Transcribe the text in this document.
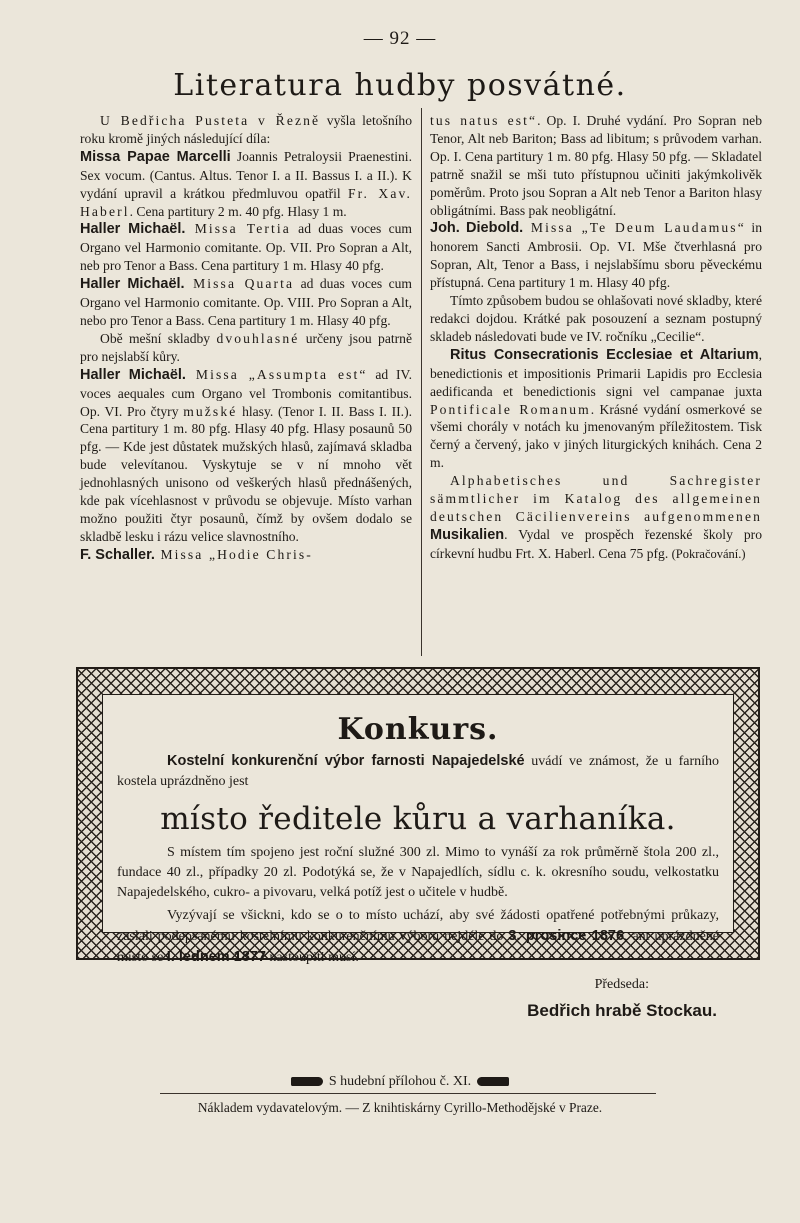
— 92 —
Literatura hudby posvátné.

U Bedřicha Pusteta v Řezně vyšla letošního roku kromě jiných následující díla:

Missa Papae Marcelli Joannis Petraloysii Praenestini. Sex vocum. (Cantus. Altus. Tenor I. a II. Bassus I. a II.). K vydání upravil a krátkou předmluvou opatřil Fr. Xav. Haberl. Cena partitury 2 m. 40 pfg. Hlasy 1 m.

Haller Michaël. Missa Tertia ad duas voces cum Organo vel Harmonio comitante. Op. VII. Pro Sopran a Alt, neb pro Tenor a Bass. Cena partitury 1 m. Hlasy 40 pfg.

Haller Michaël. Missa Quarta ad duas voces cum Organo vel Harmonio comitante. Op. VIII. Pro Sopran a Alt, nebo pro Tenor a Bass. Cena partitury 1 m. Hlasy 40 pfg.

Obě mešní skladby dvouhlasné určeny jsou patrně pro nejslabší kůry.

Haller Michaël. Missa „Assumpta est“ ad IV. voces aequales cum Organo vel Trombonis comitantibus. Op. VI. Pro čtyry mužské hlasy. (Tenor I. II. Bass I. II.). Cena partitury 1 m. 80 pfg. Hlasy 40 pfg. Hlasy posaunů 50 pfg. — Kde jest důstatek mužských hlasů, zajímavá skladba bude velevítanou. Vyskytuje se v ní mnoho vět jednohlasných unisono od veškerých hlasů přednášených, kde pak vícehlasnost v průvodu se objevuje. Místo varhan možno použiti čtyr posaunů, čímž by ovšem dodalo se skladbě lesku i rázu velice slavnostního.

F. Schaller. Missa „Hodie Chris-

tus natus est“. Op. I. Druhé vydání. Pro Sopran neb Tenor, Alt neb Bariton; Bass ad libitum; s průvodem varhan. Op. I. Cena partitury 1 m. 80 pfg. Hlasy 50 pfg. — Skladatel patrně snažil se mši tuto přístupnou učiniti jakýmkolivěk poměrům. Proto jsou Sopran a Alt neb Tenor a Bariton hlasy obligátními. Bass pak neobligátní.

Joh. Diebold. Missa „Te Deum Laudamus“ in honorem Sancti Ambrosii. Op. VI. Mše čtverhlasná pro Sopran, Alt, Tenor a Bass, i nejslabšímu sboru pěveckému přístupná. Cena partitury 1 m. Hlasy 40 pfg.

Tímto způsobem budou se ohlašovati nové skladby, které redakci dojdou. Krátké pak posouzení a seznam postupný skladeb následovati bude ve IV. ročníku „Cecilie“.

Ritus Consecrationis Ecclesiae et Altarium, benedictionis et impositionis Primarii Lapidis pro Ecclesia aedificanda et benedictionis signi vel campanae juxta Pontificale Romanum. Krásné vydání osmerkové se všemi chorály v notách ku jmenovaným příležitostem. Tisk černý a červený, jako v jiných liturgických knihách. Cena 2 m.

Alphabetisches und Sachregister sämmtlicher im Katalog des allgemeinen deutschen Cäcilienvereins aufgenommenen Musikalien. Vydal ve prospěch řezenské školy pro církevní hudbu Frt. X. Haberl. Cena 75 pfg. (Pokračování.)

Konkurs.
Kostelní konkurenční výbor farnosti Napajedelské uvádí ve známost, že u farního kostela uprázdněno jest
místo ředitele kůru a varhaníka.
S místem tím spojeno jest roční služné 300 zl. Mimo to vynáší za rok průměrně štola 200 zl., fundace 40 zl., případky 20 zl. Podotýká se, že v Napajedlích, sídlu c. k. okresního soudu, velkostatku Napajedelského, cukro- a pivovaru, velká potíž jest o učitele v hudbě.
Vyzývají se všickni, kdo se o to místo uchází, aby své žádosti opatřené potřebnými průkazy, zaslali podepsanému kostelnímu konkurenčnímu výboru nejdéle do 3. prosince 1876, ant uprázdněné místo se I. lednem 1877 nastoupiti musí.
Předseda:
Bedřich hrabě Stockau.
S hudební přílohou č. XI.
Nákladem vydavatelovým. — Z knihtiskárny Cyrillo-Methodějské v Praze.
